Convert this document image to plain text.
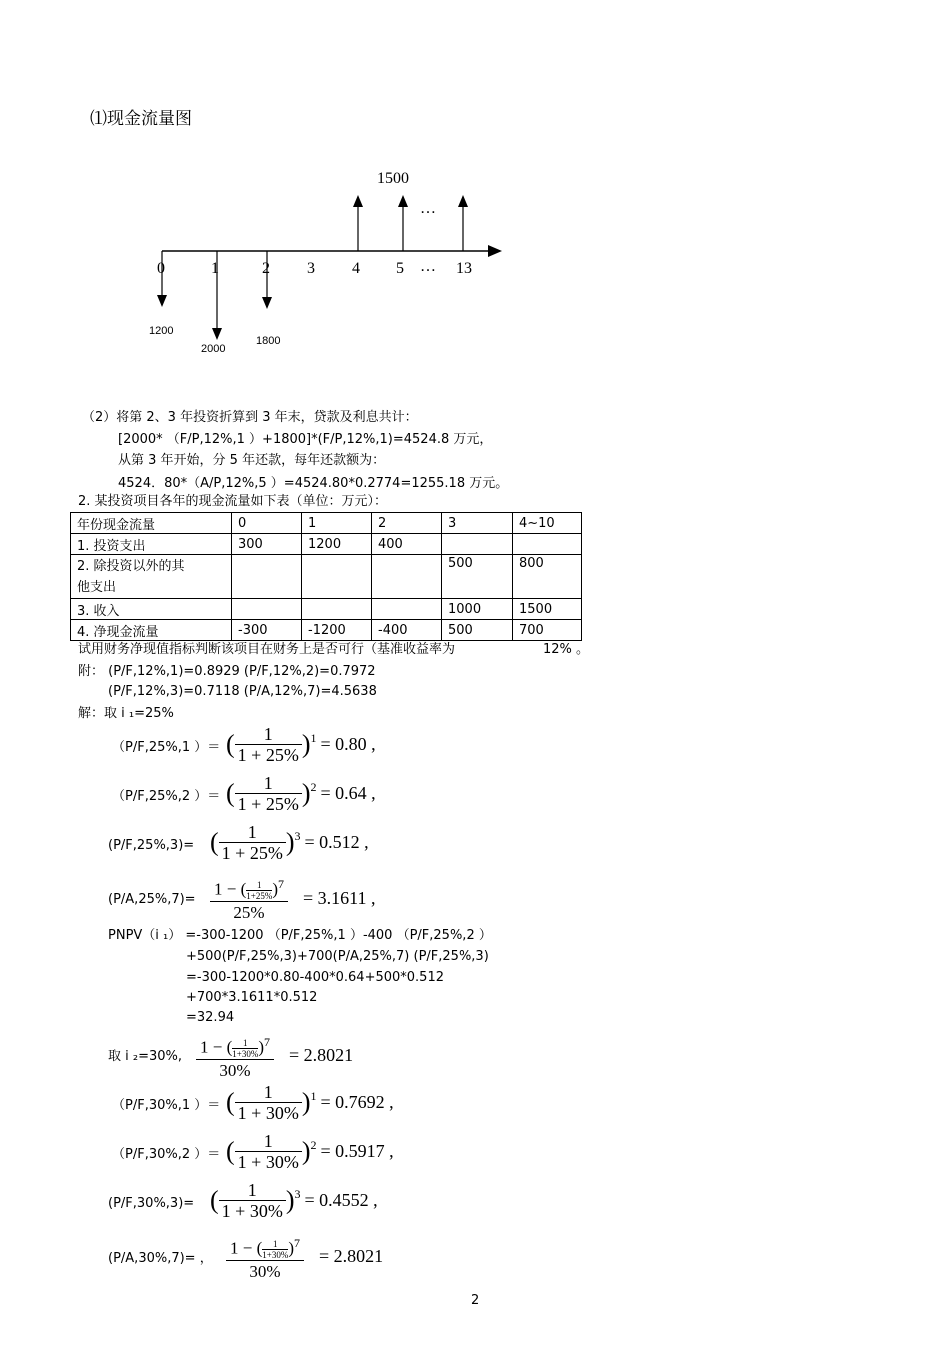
⑴现金流量图
1500
…
0	1	2 3 4 5 … 13
1200
2000
1800
（2）将第 2、3 年投资折算到 3 年末，贷款及利息共计：
[2000* （F/P,12%,1 ）+1800]*(F/P,12%,1)=4524.8 万元，
从第 3 年开始，分 5 年还款，每年还款额为：
4524．80*（A/P,12%,5 ）=4524.80*0.2774=1255.18 万元。
2. 某投资项目各年的现金流量如下表（单位：万元）：
年份现金流量	0	1	2	3	4~10
1. 投资支出	300	1200	400		
2. 除投资以外的其
他支出				500	800
3. 收入				1000	1500
4. 净现金流量	-300	-1200	-400	500	700
试用财务净现值指标判断该项目在财务上是否可行（基准收益率为	12% 。
附： (P/F,12%,1)=0.8929 (P/F,12%,2)=0.7972
(P/F,12%,3)=0.7118 (P/A,12%,7)=4.5638
解：取 i ₁=25%
（P/F,25%,1 ）＝ ( $\frac{1}{1 + 25\%} )^1 = 0.80$ ,
（P/F,25%,2 ）＝ ( $\frac{1}{1 + 25\%} )^2 = 0.64$ ,
(P/F,25%,3)= ( $\frac{1}{1 + 25\%} )^3 = 0.512$ ,
$(P/A,25\%,7)= \frac{1 - ( \frac{1}{1+25\%} )^7}{25\%} = 3.1611$ ,
PNPV（i ₁） =-300-1200 （P/F,25%,1 ）-400 （P/F,25%,2 ）
+500(P/F,25%,3)+700(P/A,25%,7) (P/F,25%,3)
=-300-1200*0.80-400*0.64+500*0.512
+700*3.1611*0.512
=32.94
取 i ₂=30%, $\frac{1 - ( \frac{1}{1+30\%} )^7}{30\%} = 2.8021$
（P/F,30%,1 ）＝ ( $\frac{1}{1 + 30\%} )^1 = 0.7692$ ,
（P/F,30%,2 ）＝ ( $\frac{1}{1 + 30\%} )^2 = 0.5917$ ,
(P/F,30%,3)= ( $\frac{1}{1 + 30\%} )^3 = 0.4552$ ,
(P/A,30%,7)= ， $\frac{1 - ( \frac{1}{1+30\%} )^7}{30\%} = 2.8021$
2
